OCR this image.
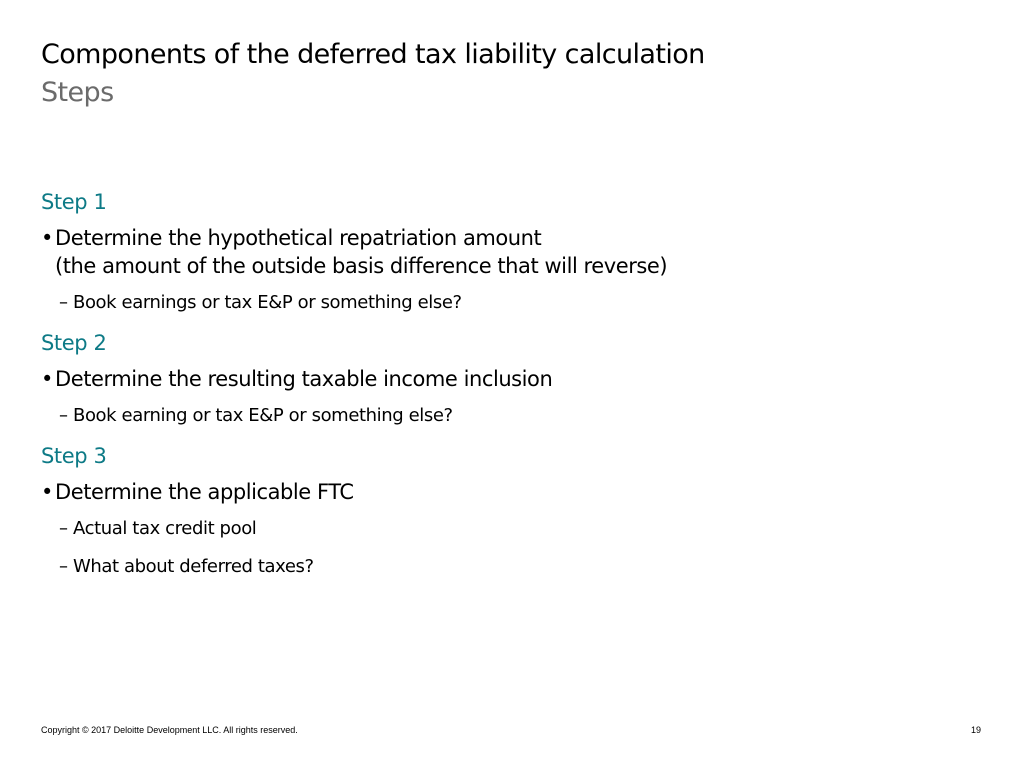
Components of the deferred tax liability calculation
Steps
Step 1
• Determine the hypothetical repatriation amount
(the amount of the outside basis difference that will reverse)
– Book earnings or tax E&P or something else?
Step 2
• Determine the resulting taxable income inclusion
– Book earning or tax E&P or something else?
Step 3
• Determine the applicable FTC
– Actual tax credit pool
– What about deferred taxes?
Copyright © 2017 Deloitte Development LLC. All rights reserved.	19
